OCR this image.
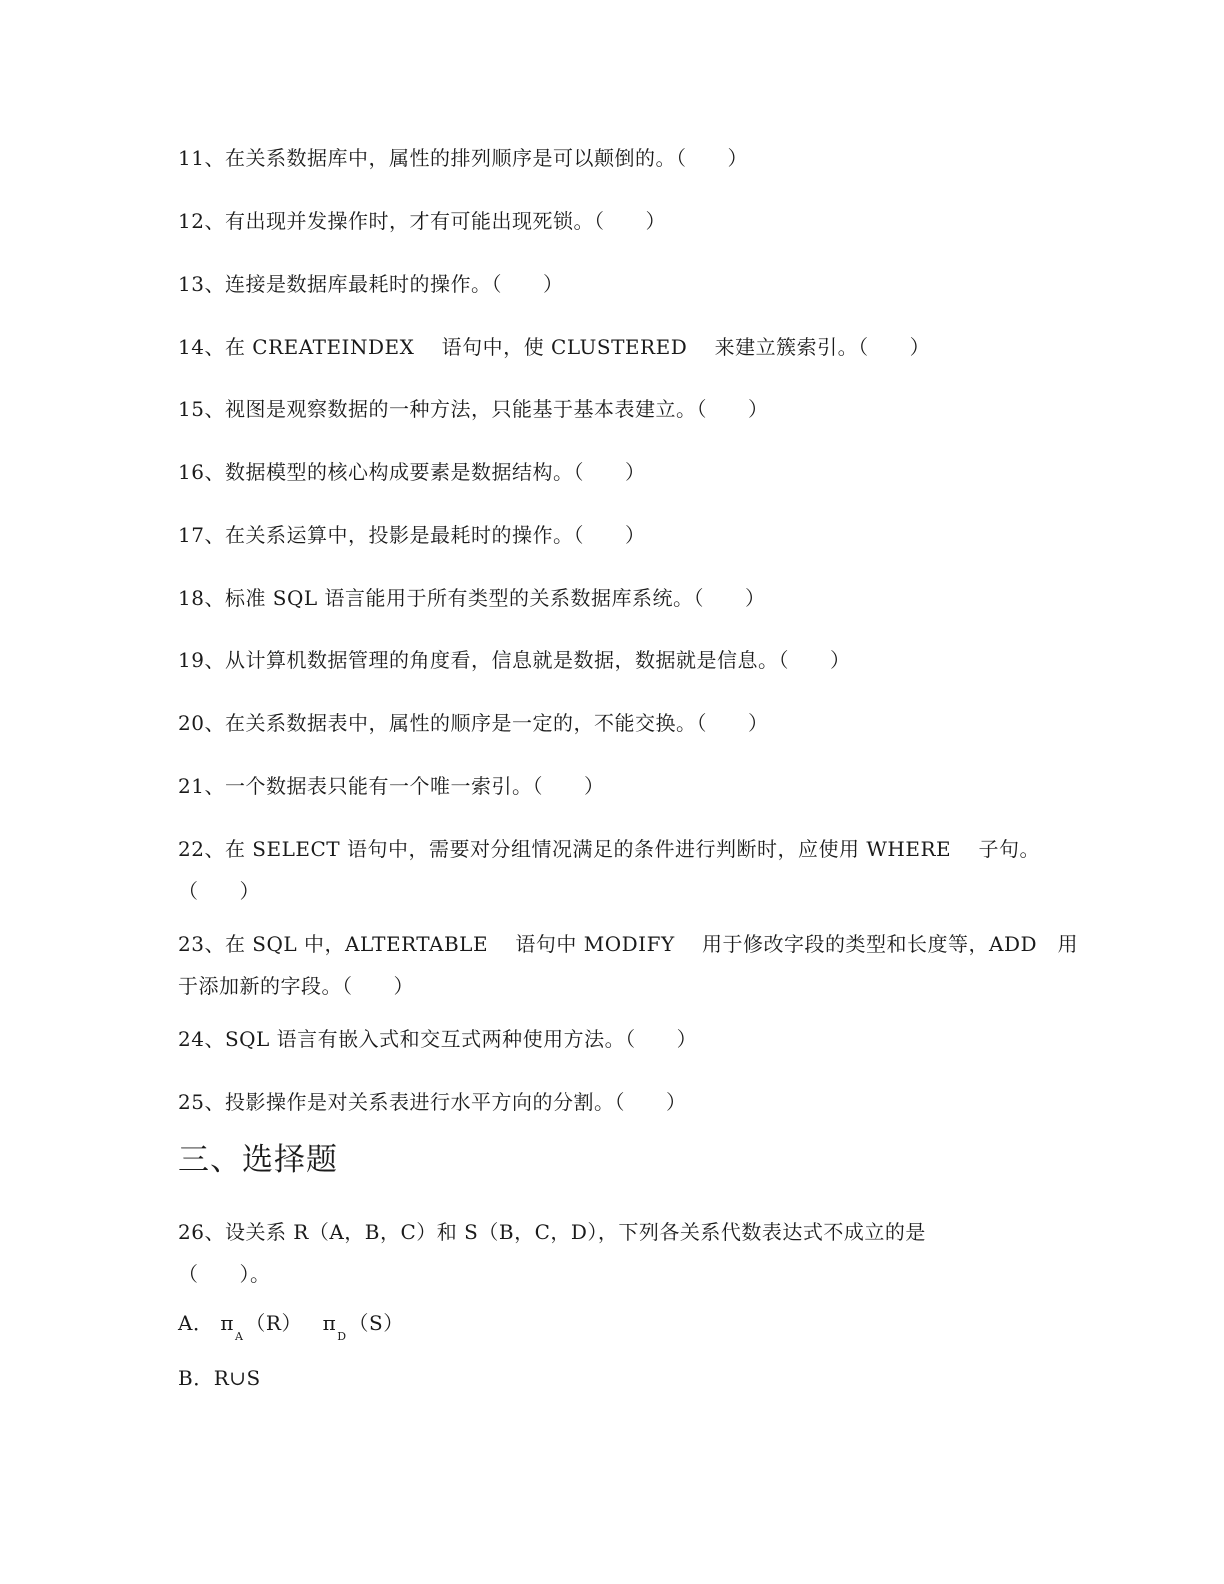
11、在关系数据库中，属性的排列顺序是可以颠倒的。（　　）
12、有出现并发操作时，才有可能出现死锁。（　　）
13、连接是数据库最耗时的操作。（　　）
14、在 CREATEINDEX　 语句中，使 CLUSTERED　 来建立簇索引。（　　）
15、视图是观察数据的一种方法，只能基于基本表建立。（　　）
16、数据模型的核心构成要素是数据结构。（　　）
17、在关系运算中，投影是最耗时的操作。（　　）
18、标准 SQL 语言能用于所有类型的关系数据库系统。（　　）
19、从计算机数据管理的角度看，信息就是数据，数据就是信息。（　　）
20、在关系数据表中，属性的顺序是一定的，不能交换。（　　）
21、一个数据表只能有一个唯一索引。（　　）
22、在 SELECT 语句中，需要对分组情况满足的条件进行判断时，应使用 WHERE　 子句。
（　　）
23、在 SQL 中，ALTERTABLE　 语句中 MODIFY　 用于修改字段的类型和长度等，ADD　用
于添加新的字段。（　　）
24、SQL 语言有嵌入式和交互式两种使用方法。（　　）
25、投影操作是对关系表进行水平方向的分割。（　　）
三、选择题
26、设关系 R（A，B，C）和 S（B，C，D），下列各关系代数表达式不成立的是
（　　）。
A． $\pi_A(R)$ $\pi_D(S)$
B．R∪S
